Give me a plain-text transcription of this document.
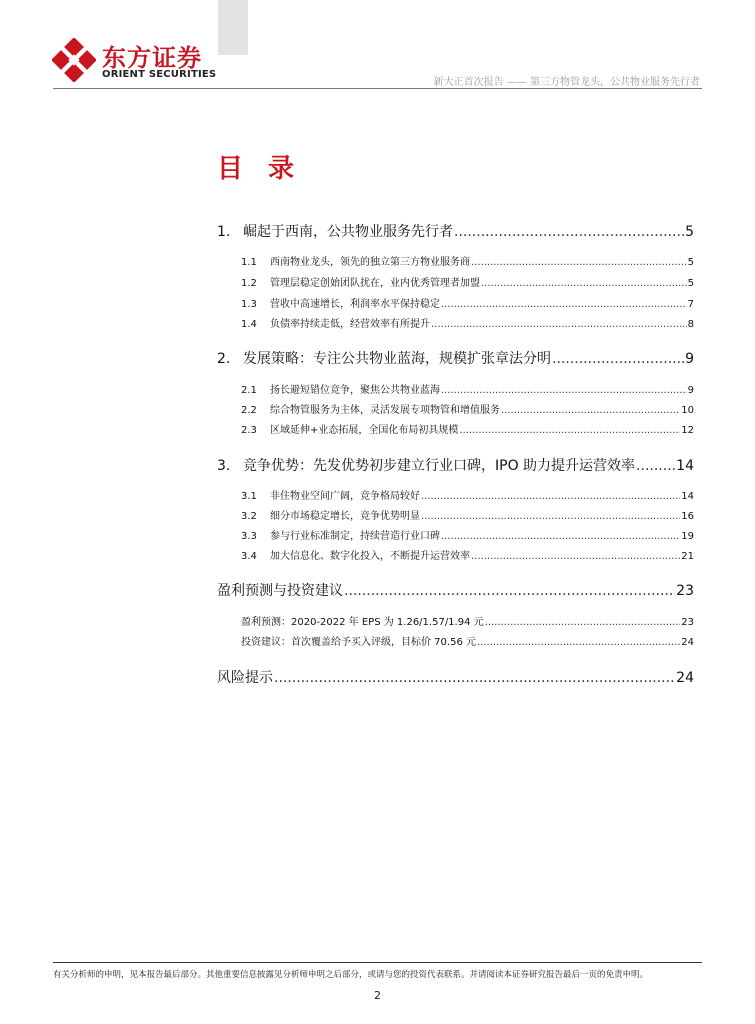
东方证券
ORIENT SECURITIES
新大正首次报告 —— 第三方物管龙头，公共物业服务先行者
目 录
1. 崛起于西南，公共物业服务先行者 .....	5
1.1	西南物业龙头，领先的独立第三方物业服务商 .....	5
1.2	管理层稳定创始团队扰在，业内优秀管理者加盟 .....	5
1.3	营收中高速增长，利润率水平保持稳定 .....	7
1.4	负债率持续走低，经营效率有所提升 .....	8
2. 发展策略：专注公共物业蓝海，规模扩张章法分明 .....	9
2.1	扬长避短错位竞争，聚焦公共物业蓝海 .....	9
2.2	综合物管服务为主体，灵活发展专项物管和增值服务 .....	10
2.3	区域延伸+业态拓展，全国化布局初具规模 .....	12
3. 竞争优势：先发优势初步建立行业口碑，IPO 助力提升运营效率 .....	14
3.1	非住物业空间广阔，竞争格局较好 .....	14
3.2	细分市场稳定增长，竞争优势明显 .....	16
3.3	参与行业标准制定，持续营造行业口碑 .....	19
3.4	加大信息化、数字化投入，不断提升运营效率 .....	21
盈利预测与投资建议 .....	23
盈利预测：2020-2022 年 EPS 为 1.26/1.57/1.94 元 .....	23
投资建议：首次覆盖给予买入评级，目标价 70.56 元 .....	24
风险提示 .....	24
有关分析师的申明，见本报告最后部分。其他重要信息披露见分析师申明之后部分，或请与您的投资代表联系。并请阅读本证券研究报告最后一页的免责申明。
2
